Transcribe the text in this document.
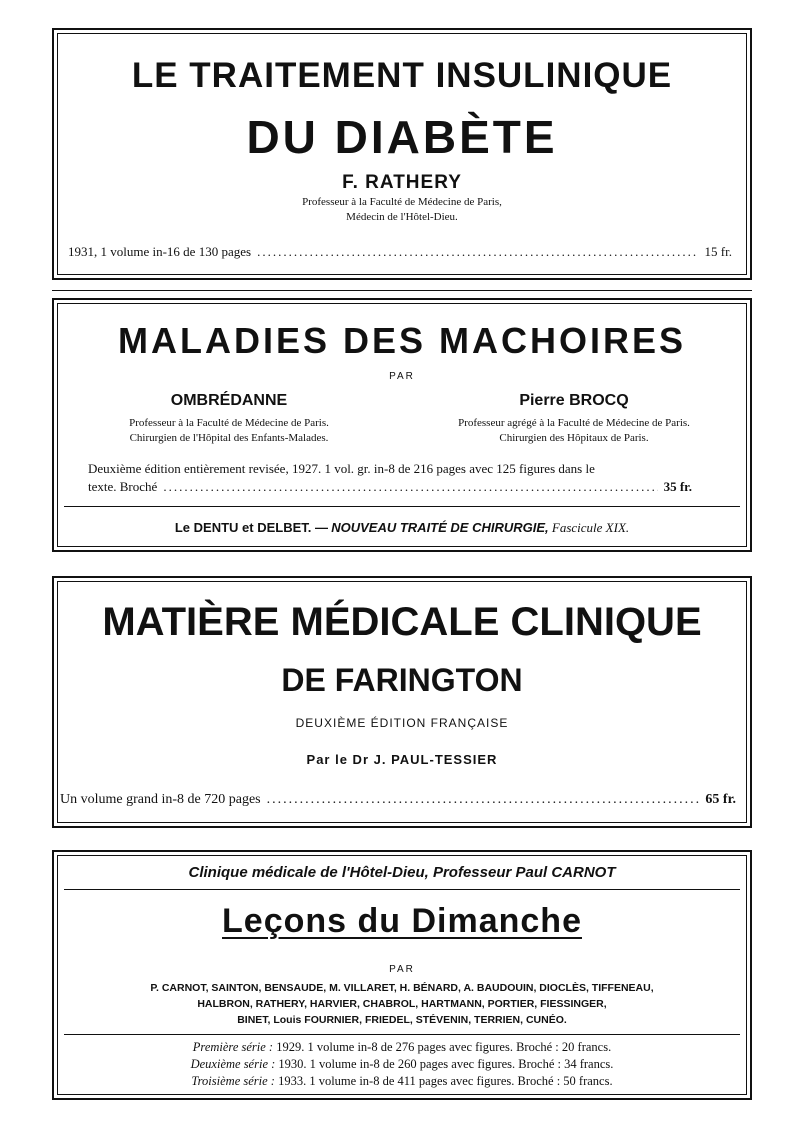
LE TRAITEMENT INSULINIQUE
DU DIABÈTE
F. RATHERY
Professeur à la Faculté de Médecine de Paris,
Médecin de l'Hôtel-Dieu.
1931, 1 volume in-16 de 130 pages .....	15 fr.
MALADIES DES MACHOIRES
PAR
OMBRÉDANNE
Professeur à la Faculté de Médecine de Paris.
Chirurgien de l'Hôpital des Enfants-Malades.
Pierre BROCQ
Professeur agrégé à la Faculté de Médecine de Paris.
Chirurgien des Hôpitaux de Paris.
Deuxième édition entièrement revisée, 1927. 1 vol. gr. in-8 de 216 pages avec 125 figures dans le
texte. Broché .....	35 fr.
Le DENTU et DELBET. — NOUVEAU TRAITÉ DE CHIRURGIE, Fascicule XIX.
MATIÈRE MÉDICALE CLINIQUE
DE FARINGTON
DEUXIÈME ÉDITION FRANÇAISE
Par le Dr J. PAUL-TESSIER
Un volume grand in-8 de 720 pages .....	65 fr.
Clinique médicale de l'Hôtel-Dieu, Professeur Paul CARNOT
Leçons du Dimanche
PAR
P. CARNOT, SAINTON, BENSAUDE, M. VILLARET, H. BÉNARD, A. BAUDOUIN, DIOCLÈS, TIFFENEAU,
HALBRON, RATHERY, HARVIER, CHABROL, HARTMANN, PORTIER, FIESSINGER,
BINET, Louis FOURNIER, FRIEDEL, STÉVENIN, TERRIEN, CUNÉO.
Première série : 1929. 1 volume in-8 de 276 pages avec figures. Broché : 20 francs.
Deuxième série : 1930. 1 volume in-8 de 260 pages avec figures. Broché : 34 francs.
Troisième série : 1933. 1 volume in-8 de 411 pages avec figures. Broché : 50 francs.
